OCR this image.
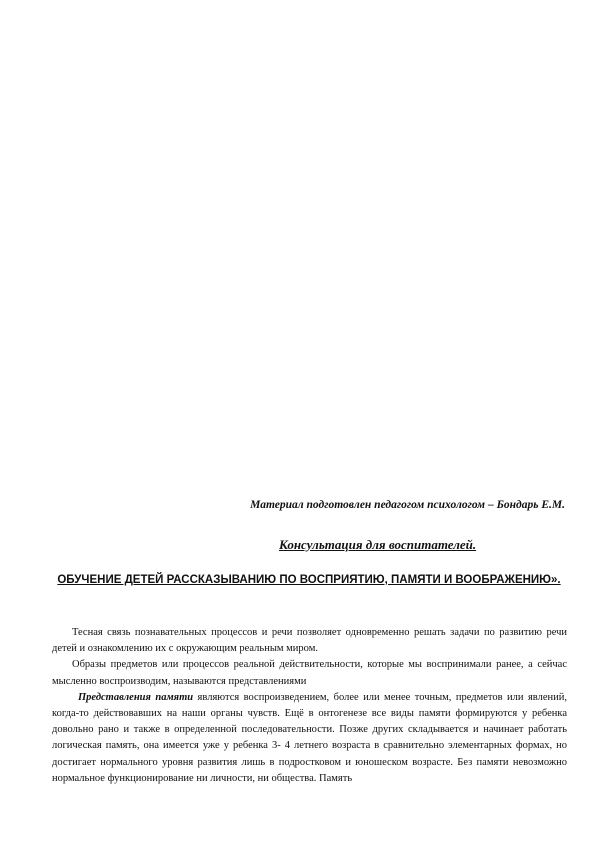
Материал подготовлен педагогом психологом – Бондарь Е.М.
Консультация для воспитателей.
ОБУЧЕНИЕ ДЕТЕЙ РАССКАЗЫВАНИЮ ПО ВОСПРИЯТИЮ, ПАМЯТИ И ВООБРАЖЕНИЮ».

Тесная связь познавательных процессов и речи позволяет одновременно решать задачи по развитию речи детей и ознакомлению их с окружающим реальным миром.

Образы предметов или процессов реальной действительности, которые мы воспринимали ранее, а сейчас мысленно воспроизводим, называются представлениями

Представления памяти являются воспроизведением, более или менее точным, предметов или явлений, когда-то действовавших на наши органы чувств. Ещё в онтогенезе все виды памяти формируются у ребенка довольно рано и также в определенной последовательности. Позже других складывается и начинает работать логическая память, она имеется уже у ребенка 3- 4 летнего возраста в сравнительно элементарных формах, но достигает нормального уровня развития лишь в подростковом и юношеском возрасте. Без памяти невозможно нормальное функционирование ни личности, ни общества. Память
